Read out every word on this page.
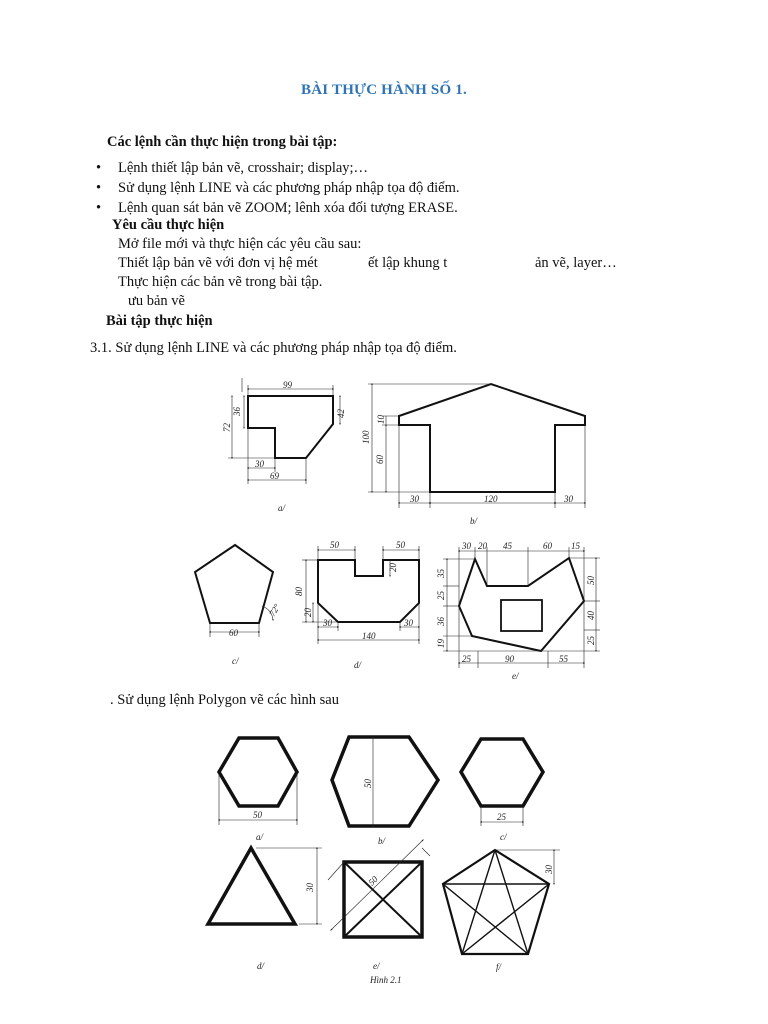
BÀI THỰC HÀNH SỐ 1.
Các lệnh cần thực hiện trong bài tập:
• Lệnh thiết lập bản vẽ, crosshair; display;…
• Sử dụng lệnh LINE và các phương pháp nhập tọa độ điểm.
• Lệnh quan sát bản vẽ ZOOM; lênh xóa đối tượng ERASE.
Yêu cầu thực hiện
Mở file mới và thực hiện các yêu cầu sau:
Thiết lập bản vẽ với đơn vị hệ mét	ết lập khung t	ản vẽ, layer…
Thực hiện các bản vẽ trong bài tập.
ưu bản vẽ
Bài tập thực hiện
3.1. Sử dụng lệnh LINE và các phương pháp nhập tọa độ điểm.
. Sử dụng lệnh Polygon vẽ các hình sau
99
36
72
42
30
69
a/
10
100
60
30	120	30
b/
60
72°
c/
50	50
80
20
20
30	30
140
d/
30 20 45	60 15
35
25
36
19
50
40
25
25	90	55
e/
50
a/
50
b/
25
c/
30
d/
50
e/
30
f/
Hình 2.1
